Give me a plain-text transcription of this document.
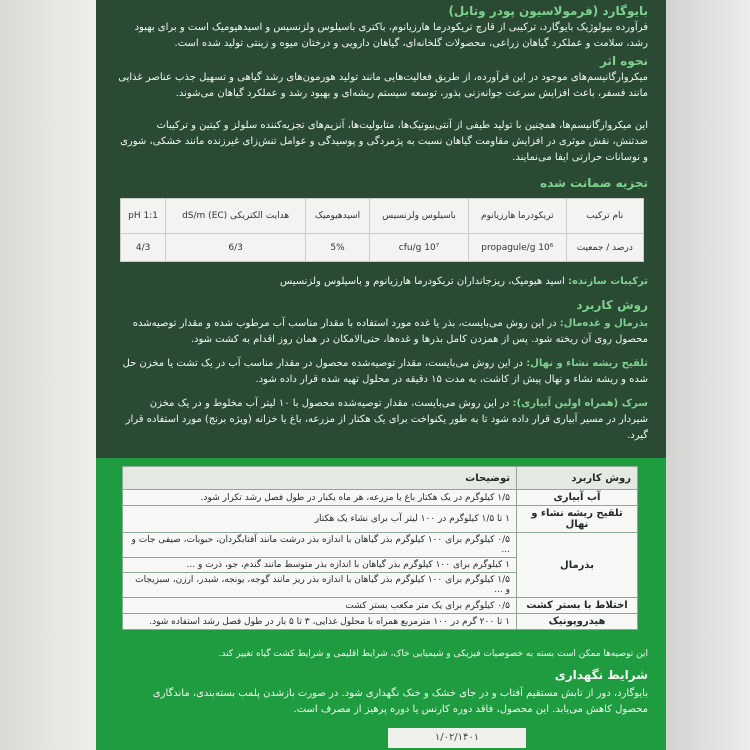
بایوگارد (فرمولاسیون پودر وتابل)
فرآورده بیولوژیک بایوگارد، ترکیبی از قارچ تریکودرما هارزیانوم، باکتری باسیلوس ولزنسیس و اسیدهیومیک است و برای بهبود رشد، سلامت و عملکرد گیاهان زراعی، محصولات گلخانه‌ای، گیاهان دارویی و درختان میوه و زینتی تولید شده است.
نحوه اثر
میکروارگانیسم‌های موجود در این فرآورده، از طریق فعالیت‌هایی مانند تولید هورمون‌های رشد گیاهی و تسهیل جذب عناصر غذایی مانند فسفر، باعث افزایش سرعت جوانه‌زنی بذور، توسعه سیستم ریشه‌ای و بهبود رشد و عملکرد گیاهان می‌شوند.
این میکروارگانیسم‌ها، همچنین با تولید طیفی از آنتی‌بیوتیک‌ها، متابولیت‌ها، آنزیم‌های تجزیه‌کننده سلولز و کیتین و ترکیبات ضدتنش، نقش موثری در افزایش مقاومت گیاهان نسبت به پژمردگی و پوسیدگی و عوامل تنش‌زای غیرزنده مانند خشکی، شوری و نوسانات حرارتی ایفا می‌نمایند.
تجزیه ضمانت شده
نام ترکیب	تریکودرما هارزیانوم	باسیلوس ولزنسیس	اسیدهیومیک	هدایت الکتریکی (EC) dS/m	pH 1:1
درصد / جمعیت	10⁶ propagule/g	10⁷ cfu/g	5%	6/3	4/3
ترکیبات سازنده: اسید هیومیک، ریزجانداران تریکودرما هارزیانوم و باسیلوس ولزنسیس
روش کاربرد
بذرمال و غده‌مال: در این روش می‌بایست، بذر یا غده مورد استفاده با مقدار مناسب آب مرطوب شده و مقدار توصیه‌شده محصول روی آن ریخته شود. پس از همزدن کامل بذرها و غده‌ها، حتی‌الامکان در همان روز اقدام به کشت شود.
تلقیح ریشه نشاء و نهال: در این روش می‌بایست، مقدار توصیه‌شده محصول در مقدار مناسب آب در یک تشت یا مخزن حل شده و ریشه نشاء و نهال پیش از کاشت، به مدت ۱۵ دقیقه در محلول تهیه شده قرار داده شود.
سرک (همراه اولین آبیاری): در این روش می‌بایست، مقدار توصیه‌شده محصول با ۱۰ لیتر آب مخلوط و در یک مخزن شیردار در مسیر آبیاری قرار داده شود تا به طور یکنواخت برای یک هکتار از مزرعه، باغ یا خزانه (ویژه برنج) مورد استفاده قرار گیرد.
روش کاربرد	توضیحات
آب آبیاری	۱/۵ کیلوگرم در یک هکتار باغ یا مزرعه، هر ماه یکبار در طول فصل رشد تکرار شود.
تلقیح ریشه نشاء و نهال	۱ تا ۱/۵ کیلوگرم در ۱۰۰ لیتر آب برای نشاء یک هکتار
بذرمال	۰/۵ کیلوگرم برای ۱۰۰ کیلوگرم بذر گیاهان با اندازه بذر درشت مانند آفتابگردان، حبوبات، صیفی جات و ...
	۱ کیلوگرم برای ۱۰۰ کیلوگرم بذر گیاهان با اندازه بذر متوسط مانند گندم، جو، ذرت و ...
	۱/۵ کیلوگرم برای ۱۰۰ کیلوگرم بذر گیاهان با اندازه بذر ریز مانند گوجه، یونجه، شبدر، ارزن، سبزیجات و ...
اختلاط با بستر کشت	۰/۵ کیلوگرم برای یک متر مکعب بستر کشت
هیدروپونیک	۱ تا ۲۰۰ گرم در ۱۰۰ مترمربع همراه با محلول غذایی، ۳ تا ۵ بار در طول فصل رشد استفاده شود.
این توصیه‌ها ممکن است بسته به خصوصیات فیزیکی و شیمیایی خاک، شرایط اقلیمی و شرایط کشت گیاه تغییر کند.
شرایط نگهداری
بایوگارد، دور از تابش مستقیم آفتاب و در جای خشک و خنک نگهداری شود. در صورت بازشدن پلمب بسته‌بندی، ماندگاری محصول کاهش می‌یابد. این محصول، فاقد دوره کارنس یا دوره پرهیز از مصرف است.
۱/۰۲/۱۴۰۱
